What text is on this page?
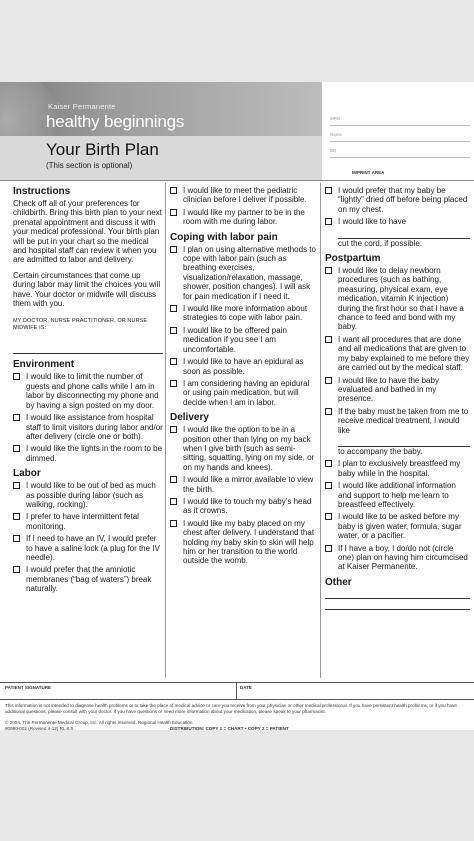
Kaiser Permanente
healthy beginnings
Your Birth Plan
(This section is optional)
MRN
Name
BD
IMPRINT AREA
Instructions

Check off all of your preferences for childbirth. Bring this birth plan to your next prenatal appointment and discuss it with your medical professional. Your birth plan will be put in your chart so the medical and hospital staff can review it when you are admitted to labor and delivery.

Certain circumstances that come up during labor may limit the choices you will have. Your doctor or midwife will discuss them with you.

MY DOCTOR, NURSE PRACTITIONER, OR NURSE MIDWIFE IS:

Environment
I would like to limit the number of guests and phone calls while I am in labor by disconnecting my phone and by having a sign posted on my door.
I would like assistance from hospital staff to limit visitors during labor and/or after delivery (circle one or both).
I would like the lights in the room to be dimmed.
Labor
I would like to be out of bed as much as possible during labor (such as walking, rocking).
I prefer to have intermittent fetal monitoring.
If I need to have an IV, I would prefer to have a saline lock (a plug for the IV needle).
I would prefer that the amniotic membranes (“bag of waters”) break naturally.
I would like to meet the pediatric clinician before I deliver if possible.
I would like my partner to be in the room with me during labor.
Coping with labor pain
I plan on using alternative methods to cope with labor pain (such as breathing exercises, visualization/relaxation, massage, shower, position changes). I will ask for pain medication if I need it.
I would like more information about strategies to cope with labor pain.
I would like to be offered pain medication if you see I am uncomfortable.
I would like to have an epidural as soon as possible.
I am considering having an epidural or using pain medication, but will decide when I am in labor.
Delivery
I would like the option to be in a position other than lying on my back when I give birth (such as semi-sitting, squatting, lying on my side, or on my hands and knees).
I would like a mirror available to view the birth.
I would like to touch my baby’s head as it crowns.
I would like my baby placed on my chest after delivery. I understand that holding my baby skin to skin will help him or her transition to the world outside the womb.
I would prefer that my baby be “lightly” dried off before being placed on my chest.
I would like to have
cut the cord, if possible.
Postpartum
I would like to delay newborn procedures (such as bathing, measuring, physical exam, eye medication, vitamin K injection) during the first hour so that I have a chance to feed and bond with my baby.
I want all procedures that are done and all medications that are given to my baby explained to me before they are carried out by the medical staff.
I would like to have the baby evaluated and bathed in my presence.
If the baby must be taken from me to receive medical treatment, I would like
to accompany the baby.
I plan to exclusively breastfeed my baby while in the hospital.
I would like additional information and support to help me learn to breastfeed effectively.
I would like to be asked before my baby is given water, formula, sugar water, or a pacifier.
If I have a boy, I do/do not (circle one) plan on having him circumcised at Kaiser Permanente.
Other
PATIENT SIGNATURE	DATE
This information is not intended to diagnose health problems or to take the place of medical advice or care you receive from your physician or other medical professional. If you have persistent health problems, or if you have additional questions, please consult with your doctor. If you have questions or need more information about your medication, please speak to your pharmacist.
© 2004, The Permanente Medical Group, Inc. All rights reserved. Regional Health Education.
90990-002 (Revised 4-12) RL 8.5	DISTRIBUTION: COPY 1 = CHART • COPY 2 = PATIENT
